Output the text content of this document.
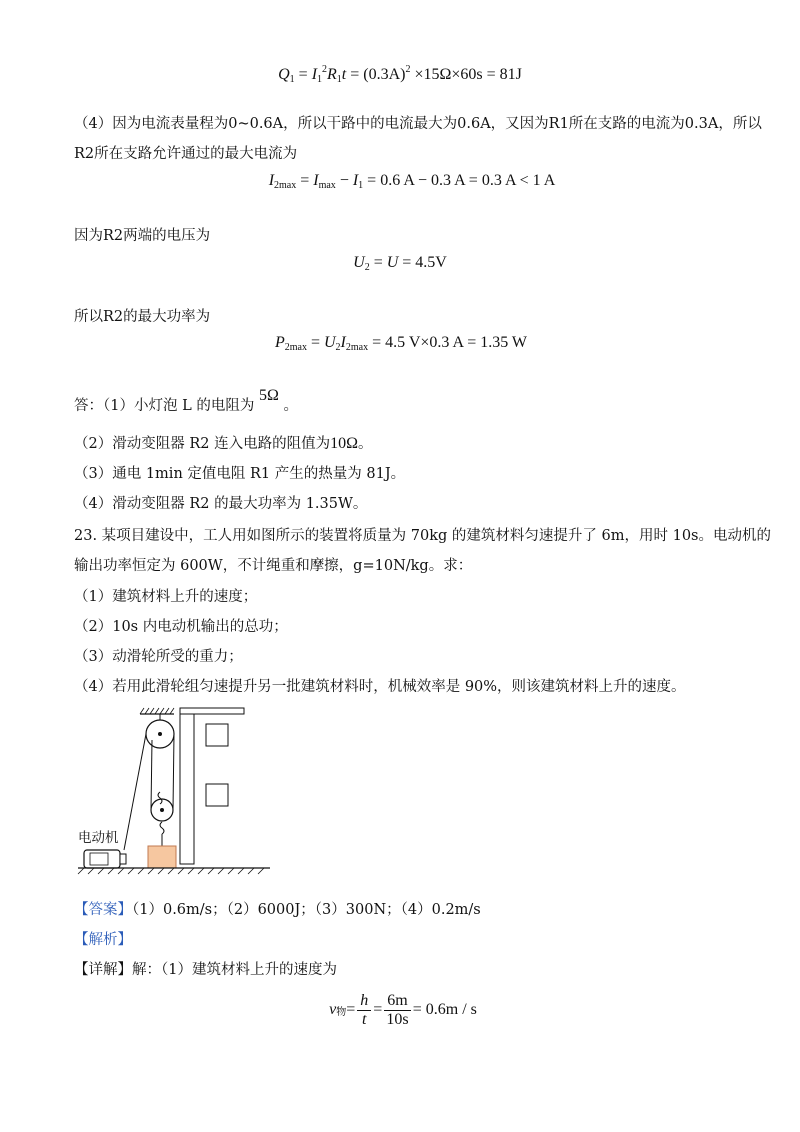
$Q_1 = I_1^2R_1t = (0.3A)^2 \times 15\Omega\times 60s = 81J$
（4）因为电流表量程为0~0.6A，所以干路中的电流最大为0.6A，又因为R1所在支路的电流为0.3A，所以
R2所在支路允许通过的最大电流为
$I_{2max} = I_{max} - I_1 = 0.6$ A − 0.3 A = 0.3 A < 1 A
因为R2两端的电压为
$U_2 = U = 4.5V$
所以R2的最大功率为
$P_{2max} = U_2I_{2max} = 4.5$ V×0.3 A = 1.35 W
答：（1）小灯泡 L 的电阻为 5Ω 。
（2）滑动变阻器 R2 连入电路的阻值为10Ω。
（3）通电 1min 定值电阻 R1 产生的热量为 81J。
（4）滑动变阻器 R2 的最大功率为 1.35W。
23. 某项目建设中，工人用如图所示的装置将质量为 70kg 的建筑材料匀速提升了 6m，用时 10s。电动机的
输出功率恒定为 600W，不计绳重和摩擦，g=10N/kg。求：
（1）建筑材料上升的速度；
（2）10s 内电动机输出的总功；
（3）动滑轮所受的重力；
（4）若用此滑轮组匀速提升另一批建筑材料时，机械效率是 90%，则该建筑材料上升的速度。
电动机
【答案】（1）0.6m/s；（2）6000J；（3）300N；（4）0.2m/s
【解析】
【详解】解：（1）建筑材料上升的速度为
v 物 = $\frac{h}{t} = \frac{6m}{10s} = 0.6m / s$
